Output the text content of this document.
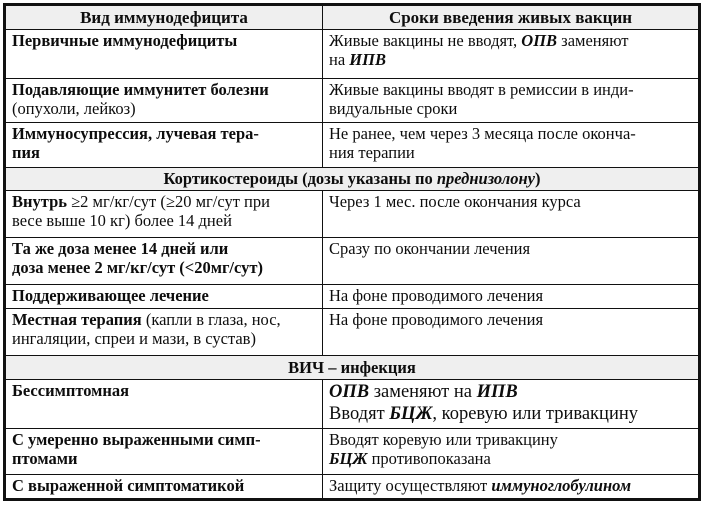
Вид иммунодефицита	Сроки введения живых вакцин
Первичные иммунодефициты	Живые вакцины не вводят, ОПВ заменяют
на ИПВ
Подавляющие иммунитет болезни
(опухоли, лейкоз)	Живые вакцины вводят в ремиссии в инди-
видуальные сроки
Иммуносупрессия, лучевая тера-
пия	Не ранее, чем через 3 месяца после оконча-
ния терапии
Кортикостероиды (дозы указаны по преднизолону)	
Внутрь ≥2 мг/кг/сут (≥20 мг/сут при
весе выше 10 кг) более 14 дней	Через 1 мес. после окончания курса
Та же доза менее 14 дней или
доза менее 2 мг/кг/сут (<20мг/сут)	Сразу по окончании лечения
Поддерживающее лечение	На фоне проводимого лечения
Местная терапия (капли в глаза, нос,
ингаляции, спреи и мази, в сустав)	На фоне проводимого лечения
ВИЧ – инфекция	
Бессимптомная	ОПВ заменяют на ИПВ
Вводят БЦЖ, коревую или тривакцину
С умеренно выраженными симп-
птомами	Вводят коревую или тривакцину
БЦЖ противопоказана
С выраженной симптоматикой	Защиту осуществляют иммуноглобулином
